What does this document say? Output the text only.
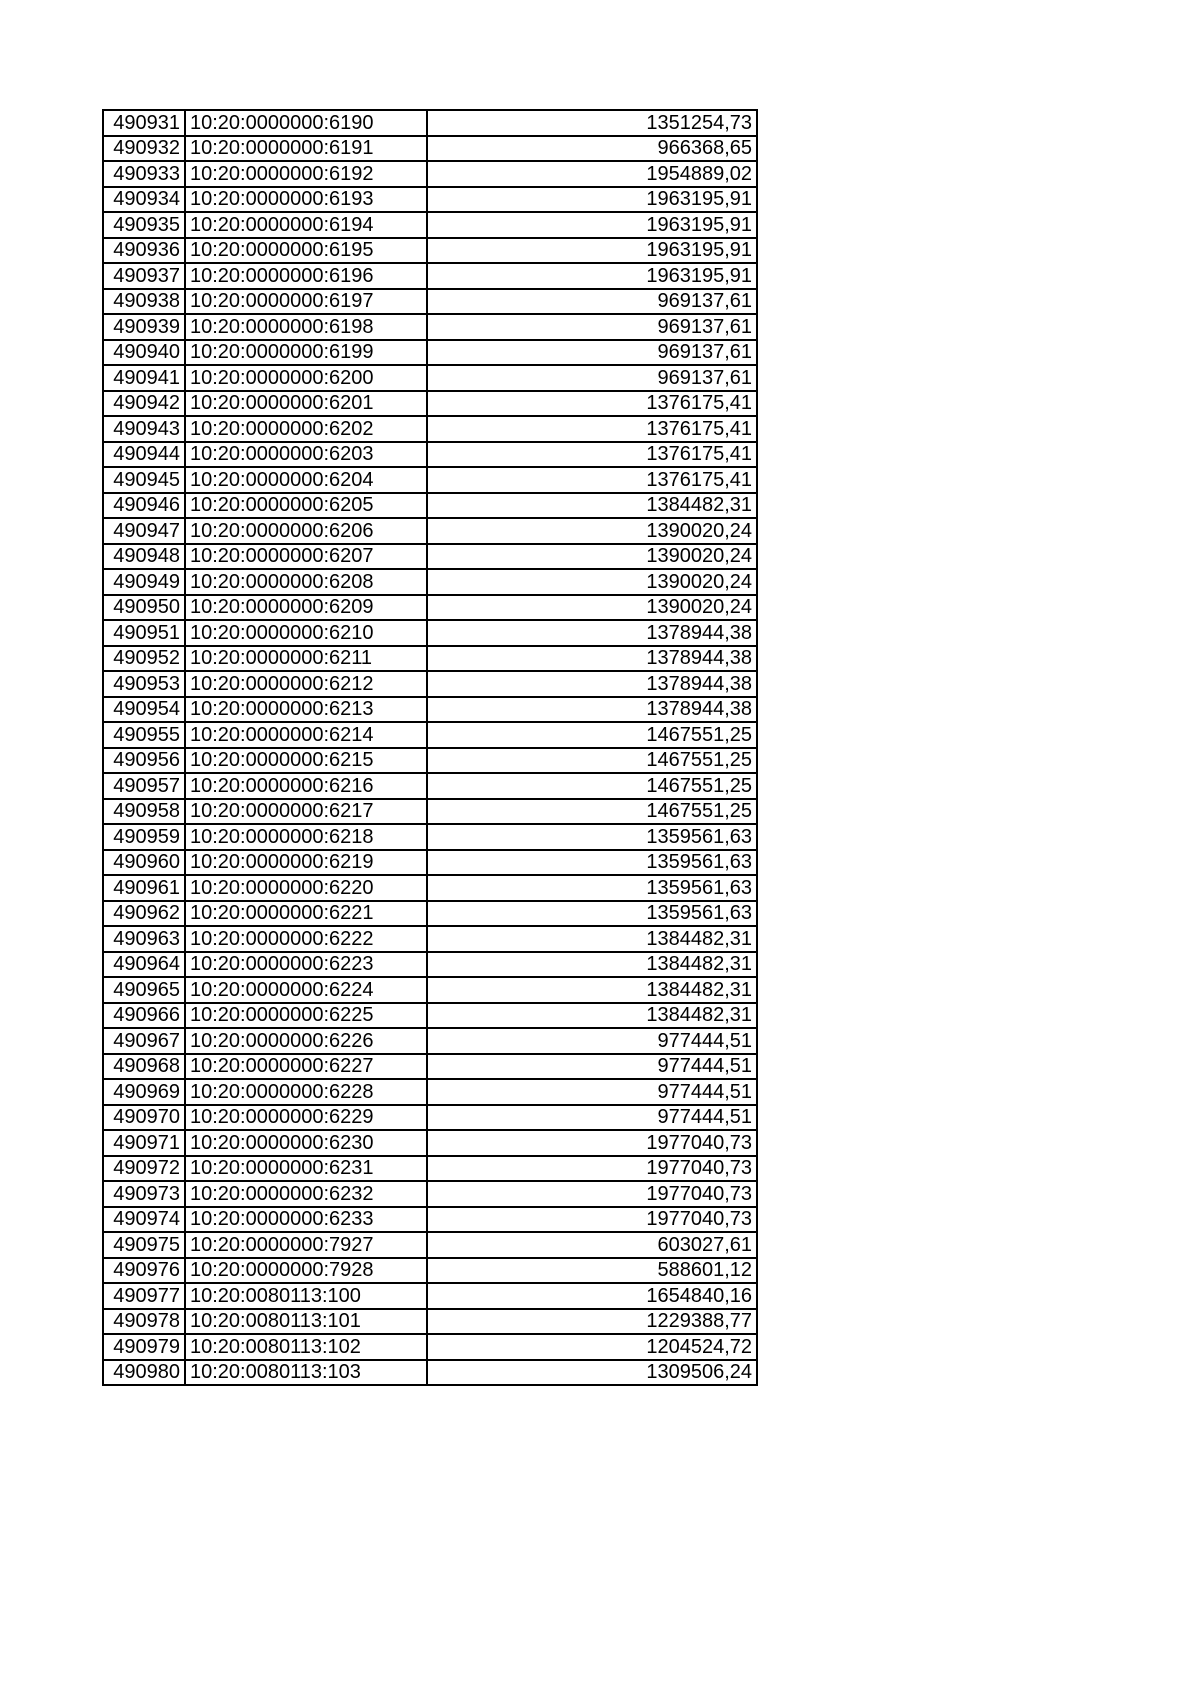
490931	10:20:0000000:6190	1351254,73
490932	10:20:0000000:6191	966368,65
490933	10:20:0000000:6192	1954889,02
490934	10:20:0000000:6193	1963195,91
490935	10:20:0000000:6194	1963195,91
490936	10:20:0000000:6195	1963195,91
490937	10:20:0000000:6196	1963195,91
490938	10:20:0000000:6197	969137,61
490939	10:20:0000000:6198	969137,61
490940	10:20:0000000:6199	969137,61
490941	10:20:0000000:6200	969137,61
490942	10:20:0000000:6201	1376175,41
490943	10:20:0000000:6202	1376175,41
490944	10:20:0000000:6203	1376175,41
490945	10:20:0000000:6204	1376175,41
490946	10:20:0000000:6205	1384482,31
490947	10:20:0000000:6206	1390020,24
490948	10:20:0000000:6207	1390020,24
490949	10:20:0000000:6208	1390020,24
490950	10:20:0000000:6209	1390020,24
490951	10:20:0000000:6210	1378944,38
490952	10:20:0000000:6211	1378944,38
490953	10:20:0000000:6212	1378944,38
490954	10:20:0000000:6213	1378944,38
490955	10:20:0000000:6214	1467551,25
490956	10:20:0000000:6215	1467551,25
490957	10:20:0000000:6216	1467551,25
490958	10:20:0000000:6217	1467551,25
490959	10:20:0000000:6218	1359561,63
490960	10:20:0000000:6219	1359561,63
490961	10:20:0000000:6220	1359561,63
490962	10:20:0000000:6221	1359561,63
490963	10:20:0000000:6222	1384482,31
490964	10:20:0000000:6223	1384482,31
490965	10:20:0000000:6224	1384482,31
490966	10:20:0000000:6225	1384482,31
490967	10:20:0000000:6226	977444,51
490968	10:20:0000000:6227	977444,51
490969	10:20:0000000:6228	977444,51
490970	10:20:0000000:6229	977444,51
490971	10:20:0000000:6230	1977040,73
490972	10:20:0000000:6231	1977040,73
490973	10:20:0000000:6232	1977040,73
490974	10:20:0000000:6233	1977040,73
490975	10:20:0000000:7927	603027,61
490976	10:20:0000000:7928	588601,12
490977	10:20:0080113:100	1654840,16
490978	10:20:0080113:101	1229388,77
490979	10:20:0080113:102	1204524,72
490980	10:20:0080113:103	1309506,24
